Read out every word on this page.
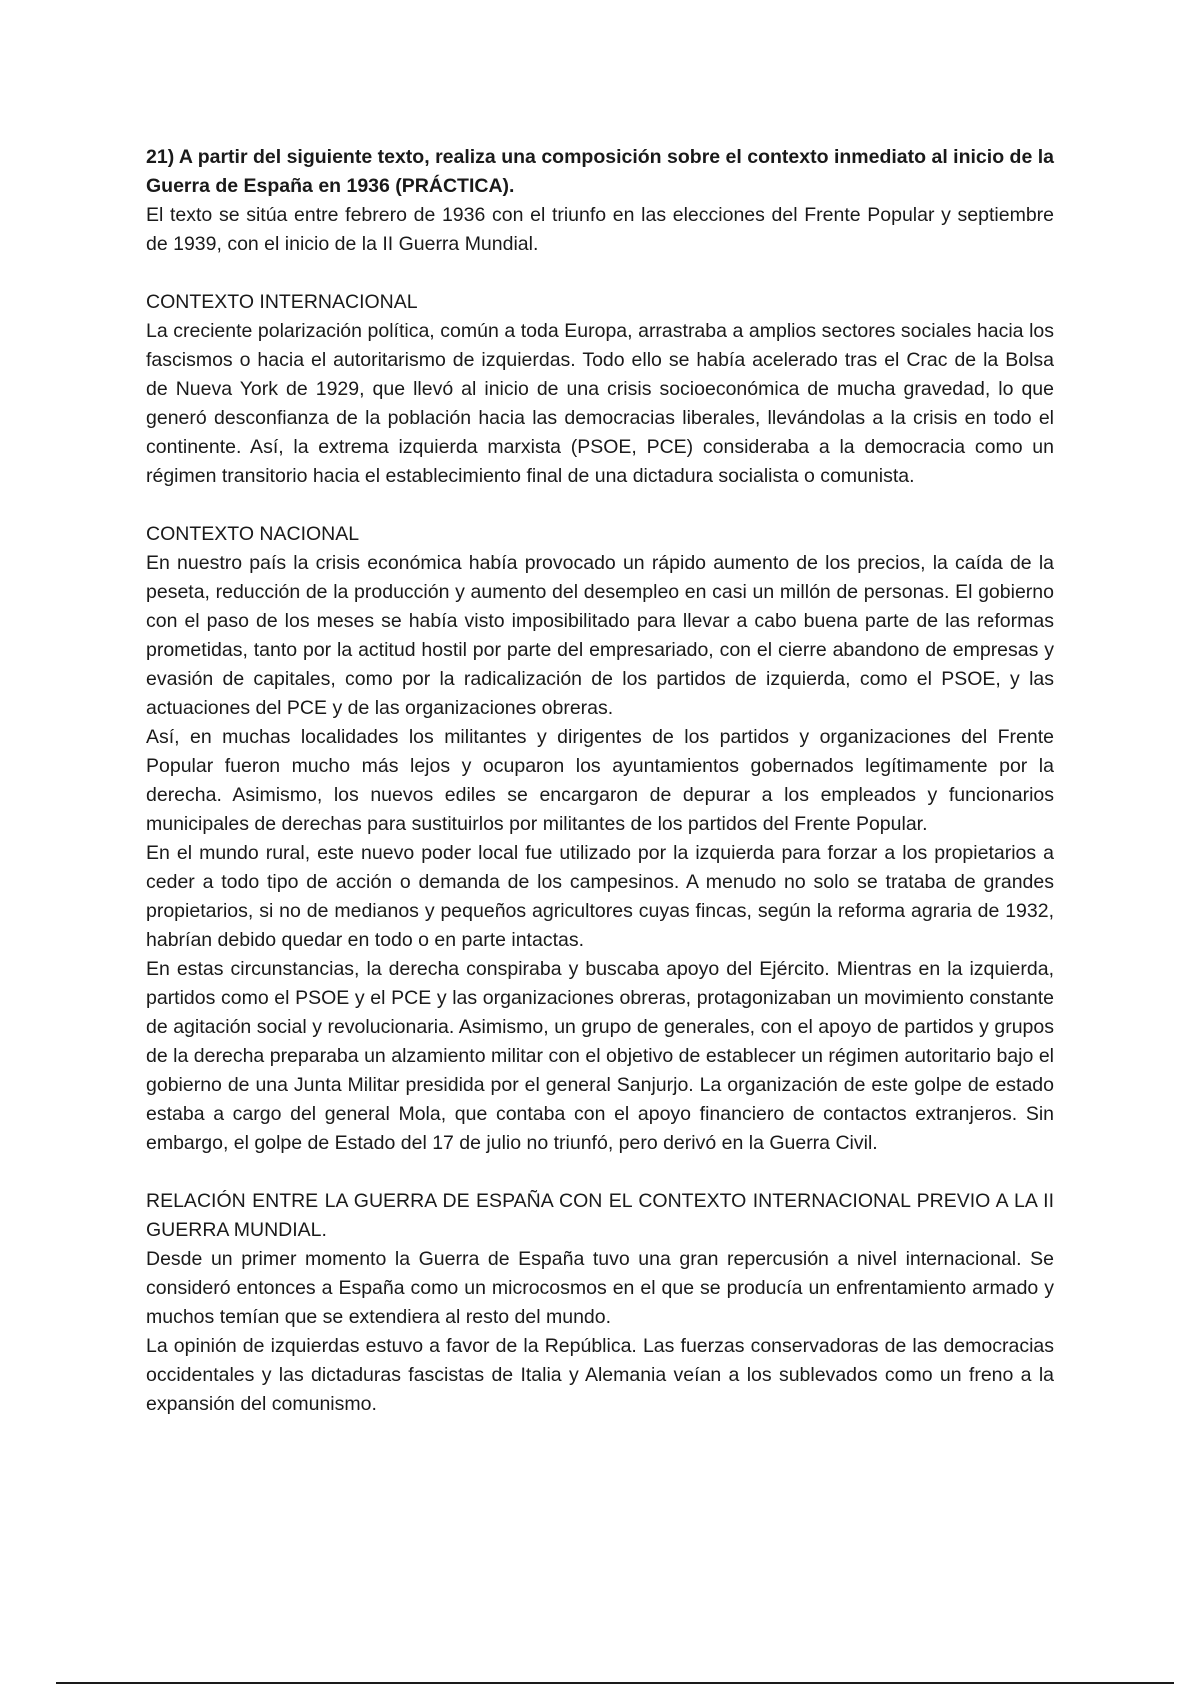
21) A partir del siguiente texto, realiza una composición sobre el contexto inmediato al inicio de la Guerra de España en 1936 (PRÁCTICA).

El texto se sitúa entre febrero de 1936 con el triunfo en las elecciones del Frente Popular y septiembre de 1939, con el inicio de la II Guerra Mundial.

CONTEXTO INTERNACIONAL

La creciente polarización política, común a toda Europa, arrastraba a amplios sectores sociales hacia los fascismos o hacia el autoritarismo de izquierdas. Todo ello se había acelerado tras el Crac de la Bolsa de Nueva York de 1929, que llevó al inicio de una crisis socioeconómica de mucha gravedad, lo que generó desconfianza de la población hacia las democracias liberales, llevándolas a la crisis en todo el continente. Así, la extrema izquierda marxista (PSOE, PCE) consideraba a la democracia como un régimen transitorio hacia el establecimiento final de una dictadura socialista o comunista.

CONTEXTO NACIONAL

En nuestro país la crisis económica había provocado un rápido aumento de los precios, la caída de la peseta, reducción de la producción y aumento del desempleo en casi un millón de personas. El gobierno con el paso de los meses se había visto imposibilitado para llevar a cabo buena parte de las reformas prometidas, tanto por la actitud hostil por parte del empresariado, con el cierre abandono de empresas y evasión de capitales, como por la radicalización de los partidos de izquierda, como el PSOE, y las actuaciones del PCE y de las organizaciones obreras.

Así, en muchas localidades los militantes y dirigentes de los partidos y organizaciones del Frente Popular fueron mucho más lejos y ocuparon los ayuntamientos gobernados legítimamente por la derecha. Asimismo, los nuevos ediles se encargaron de depurar a los empleados y funcionarios municipales de derechas para sustituirlos por militantes de los partidos del Frente Popular.

En el mundo rural, este nuevo poder local fue utilizado por la izquierda para forzar a los propietarios a ceder a todo tipo de acción o demanda de los campesinos. A menudo no solo se trataba de grandes propietarios, si no de medianos y pequeños agricultores cuyas fincas, según la reforma agraria de 1932, habrían debido quedar en todo o en parte intactas.

En estas circunstancias, la derecha conspiraba y buscaba apoyo del Ejército. Mientras en la izquierda, partidos como el PSOE y el PCE y las organizaciones obreras, protagonizaban un movimiento constante de agitación social y revolucionaria. Asimismo, un grupo de generales, con el apoyo de partidos y grupos de la derecha preparaba un alzamiento militar con el objetivo de establecer un régimen autoritario bajo el gobierno de una Junta Militar presidida por el general Sanjurjo. La organización de este golpe de estado estaba a cargo del general Mola, que contaba con el apoyo financiero de contactos extranjeros. Sin embargo, el golpe de Estado del 17 de julio no triunfó, pero derivó en la Guerra Civil.

RELACIÓN ENTRE LA GUERRA DE ESPAÑA CON EL CONTEXTO INTERNACIONAL PREVIO A LA II GUERRA MUNDIAL.

Desde un primer momento la Guerra de España tuvo una gran repercusión a nivel internacional. Se consideró entonces a España como un microcosmos en el que se producía un enfrentamiento armado y muchos temían que se extendiera al resto del mundo.

La opinión de izquierdas estuvo a favor de la República. Las fuerzas conservadoras de las democracias occidentales y las dictaduras fascistas de Italia y Alemania veían a los sublevados como un freno a la expansión del comunismo.
